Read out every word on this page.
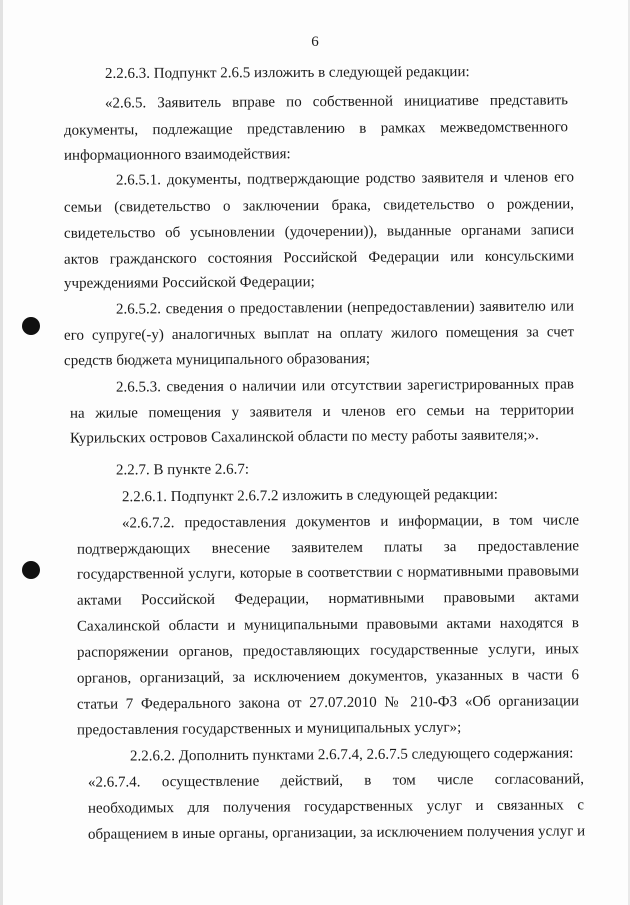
6
2.2.6.3. Подпункт 2.6.5 изложить в следующей редакции:
«2.6.5. Заявитель вправе по собственной инициативе представить
документы, подлежащие представлению в рамках межведомственного
информационного взаимодействия:
2.6.5.1. документы, подтверждающие родство заявителя и членов его
семьи (свидетельство о заключении брака, свидетельство о рождении,
свидетельство об усыновлении (удочерении)), выданные органами записи
актов гражданского состояния Российской Федерации или консульскими
учреждениями Российской Федерации;
2.6.5.2. сведения о предоставлении (непредоставлении) заявителю или
его супруге(-у) аналогичных выплат на оплату жилого помещения за счет
средств бюджета муниципального образования;
2.6.5.3. сведения о наличии или отсутствии зарегистрированных прав
на жилые помещения у заявителя и членов его семьи на территории
Курильских островов Сахалинской области по месту работы заявителя;».
2.2.7. В пункте 2.6.7:
2.2.6.1. Подпункт 2.6.7.2 изложить в следующей редакции:
«2.6.7.2. предоставления документов и информации, в том числе
подтверждающих внесение заявителем платы за предоставление
государственной услуги, которые в соответствии с нормативными правовыми
актами Российской Федерации, нормативными правовыми актами
Сахалинской области и муниципальными правовыми актами находятся в
распоряжении органов, предоставляющих государственные услуги, иных
органов, организаций, за исключением документов, указанных в части 6
статьи 7 Федерального закона от 27.07.2010 № 210-ФЗ «Об организации
предоставления государственных и муниципальных услуг»;
2.2.6.2. Дополнить пунктами 2.6.7.4, 2.6.7.5 следующего содержания:
«2.6.7.4. осуществление действий, в том числе согласований,
необходимых для получения государственных услуг и связанных с
обращением в иные органы, организации, за исключением получения услуг и
